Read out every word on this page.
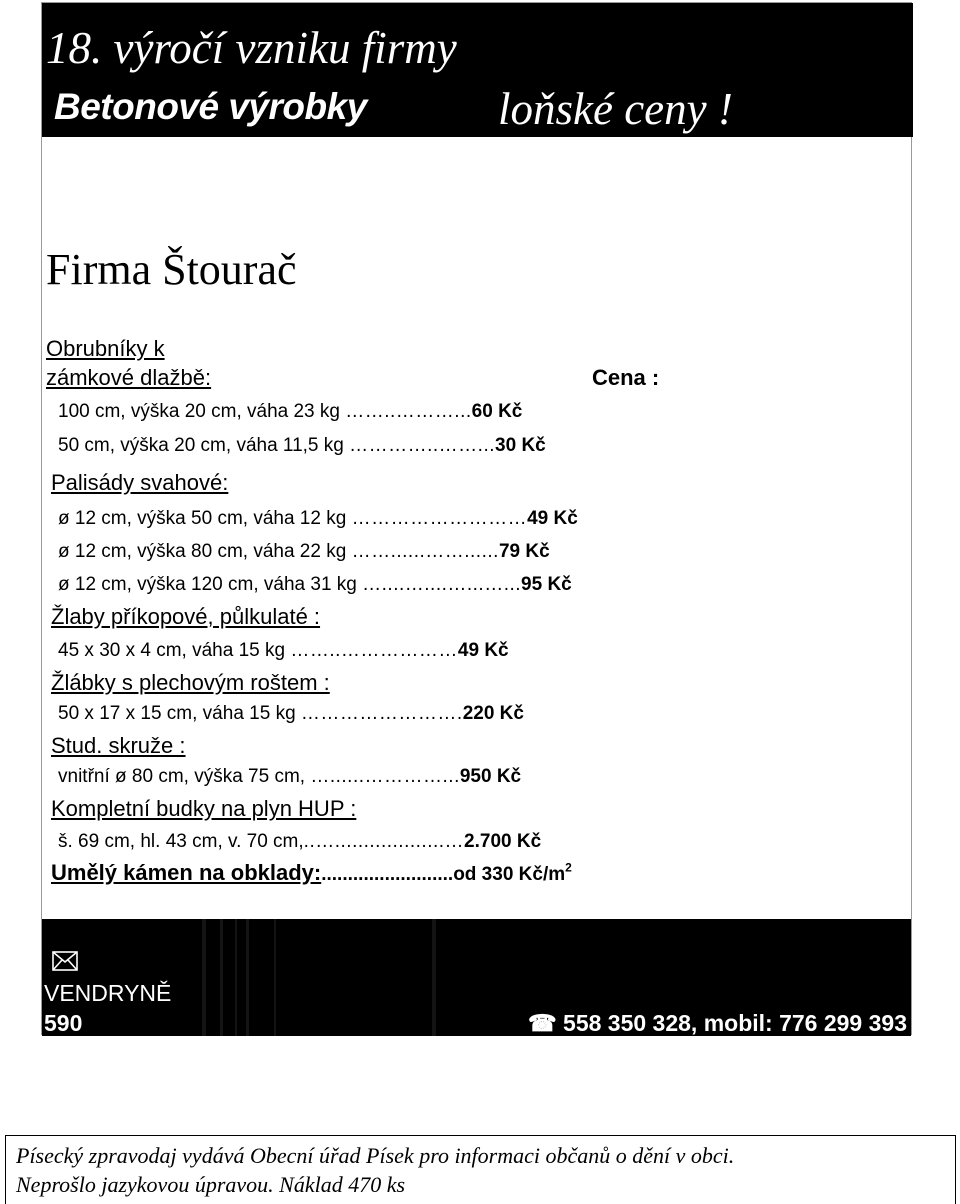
18. výročí vzniku firmy
Betonové výrobky	loňské ceny !
Firma Štourač
Obrubníky k
zámkové dlažbě:	Cena :
100 cm, výška 20 cm, váha 23 kg ……..………...60 Kč
50 cm, výška 20 cm, váha 11,5 kg …………..……...30 Kč
Palisády svahové:
ø 12 cm, výška 50 cm, váha 12 kg ………………………49 Kč
ø 12 cm, výška 80 cm, váha 22 kg ……......……......79 Kč
ø 12 cm, výška 120 cm, váha 31 kg …....…....…...…...95 Kč
Žlaby příkopové, půlkulaté :
45 x 30 x 4 cm, váha 15 kg ……..………………49 Kč
Žlábky s plechovým roštem :
50 x 17 x 15 cm, váha 15 kg …………………….220 Kč
Stud. skruže :
vnitřní ø 80 cm, výška 75 cm, …......…………...950 Kč
Kompletní budky na plyn HUP :
š. 69 cm, hl. 43 cm, v. 70 cm,..…...................…2.700 Kč
Umělý kámen na obklady:.........................od 330 $Kč/m^2$
VENDRYNĚ
590	☎ 558 350 328, mobil: 776 299 393
Písecký zpravodaj vydává Obecní úřad Písek pro informaci občanů o dění v obci.
Neprošlo jazykovou úpravou. Náklad 470 ks
